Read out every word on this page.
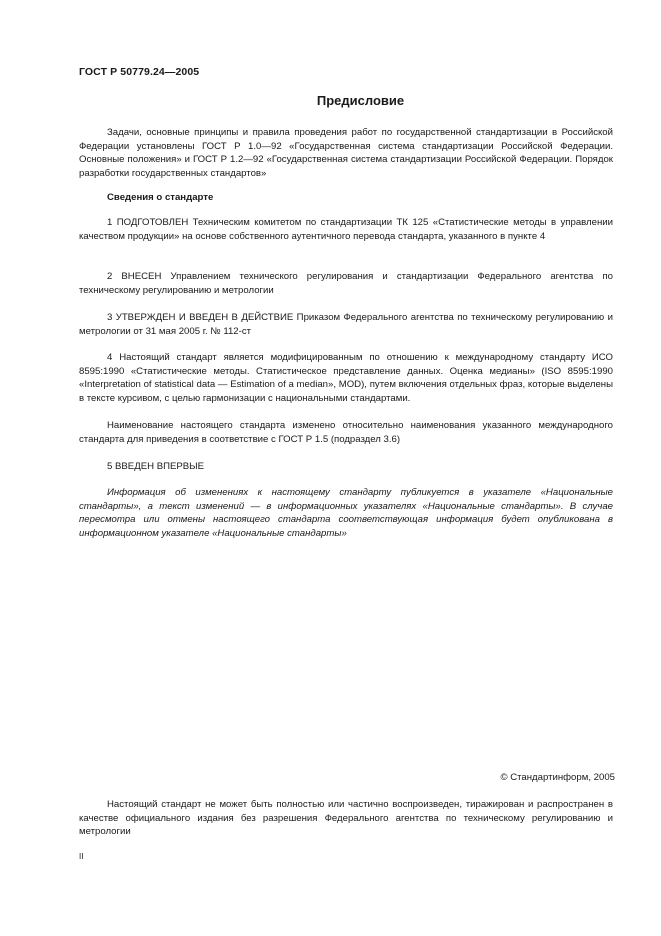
ГОСТ Р 50779.24—2005
Предисловие

Задачи, основные принципы и правила проведения работ по государственной стандартизации в Российской Федерации установлены ГОСТ Р 1.0—92 «Государственная система стандартизации Российской Федерации. Основные положения» и ГОСТ Р 1.2—92 «Государственная система стандартизации Российской Федерации. Порядок разработки государственных стандартов»

Сведения о стандарте

1 ПОДГОТОВЛЕН Техническим комитетом по стандартизации ТК 125 «Статистические методы в управлении качеством продукции» на основе собственного аутентичного перевода стандарта, указанного в пункте 4

2 ВНЕСЕН Управлением технического регулирования и стандартизации Федерального агентства по техническому регулированию и метрологии

3 УТВЕРЖДЕН И ВВЕДЕН В ДЕЙСТВИЕ Приказом Федерального агентства по техническому регулированию и метрологии от 31 мая 2005 г. № 112-ст

4 Настоящий стандарт является модифицированным по отношению к международному стандарту ИСО 8595:1990 «Статистические методы. Статистическое представление данных. Оценка медианы» (ISO 8595:1990 «Interpretation of statistical data — Estimation of a median», MOD), путем включения отдельных фраз, которые выделены в тексте курсивом, с целью гармонизации с национальными стандартами.

Наименование настоящего стандарта изменено относительно наименования указанного международного стандарта для приведения в соответствие с ГОСТ Р 1.5 (подраздел 3.6)

5 ВВЕДЕН ВПЕРВЫЕ

Информация об изменениях к настоящему стандарту публикуется в указателе «Национальные стандарты», а текст изменений — в информационных указателях «Национальные стандарты». В случае пересмотра или отмены настоящего стандарта соответствующая информация будет опубликована в информационном указателе «Национальные стандарты»

© Стандартинформ, 2005

Настоящий стандарт не может быть полностью или частично воспроизведен, тиражирован и распространен в качестве официального издания без разрешения Федерального агентства по техническому регулированию и метрологии

II
